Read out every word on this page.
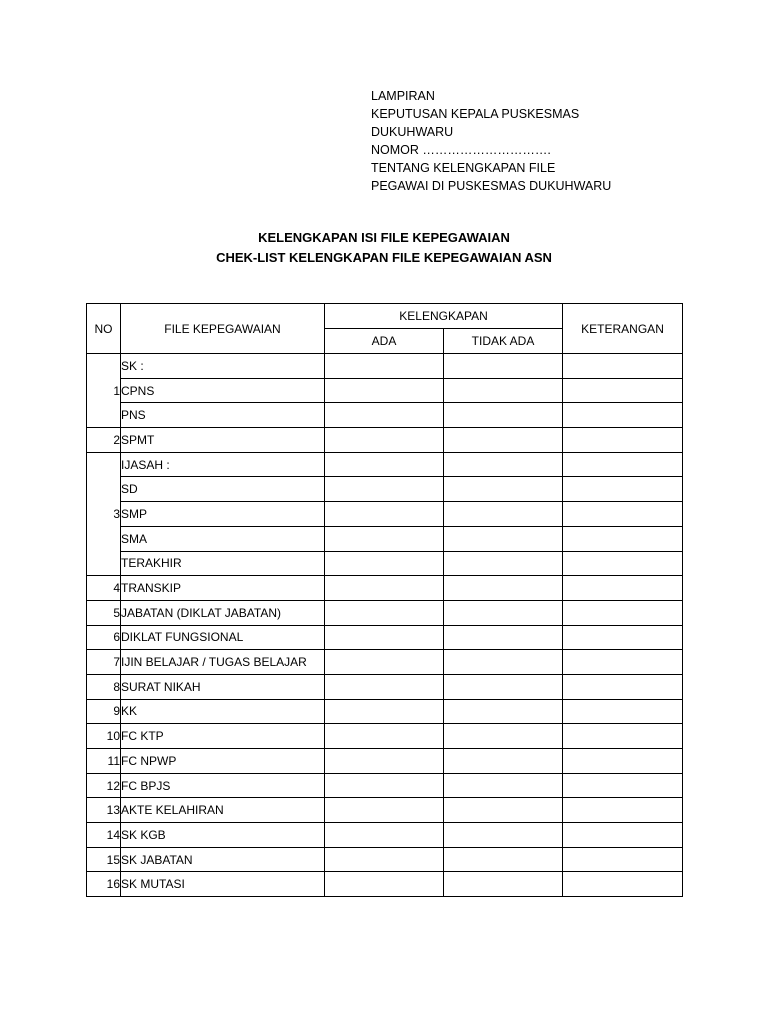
LAMPIRAN
KEPUTUSAN KEPALA PUSKESMAS
DUKUHWARU
NOMOR ………………………….
TENTANG KELENGKAPAN FILE
PEGAWAI DI PUSKESMAS DUKUHWARU
KELENGKAPAN ISI FILE KEPEGAWAIAN
CHEK-LIST KELENGKAPAN FILE KEPEGAWAIAN ASN
NO	FILE KEPEGAWAIAN	KELENGKAPAN		KETERANGAN
		ADA	TIDAK ADA	
1	SK :			
	CPNS			
	PNS			
2	SPMT			
3	IJASAH :			
	SD			
	SMP			
	SMA			
	TERAKHIR			
4	TRANSKIP			
5	JABATAN (DIKLAT JABATAN)			
6	DIKLAT FUNGSIONAL			
7	IJIN BELAJAR / TUGAS BELAJAR			
8	SURAT NIKAH			
9	KK			
10	FC KTP			
11	FC NPWP			
12	FC BPJS			
13	AKTE KELAHIRAN			
14	SK KGB			
15	SK JABATAN			
16	SK MUTASI			
